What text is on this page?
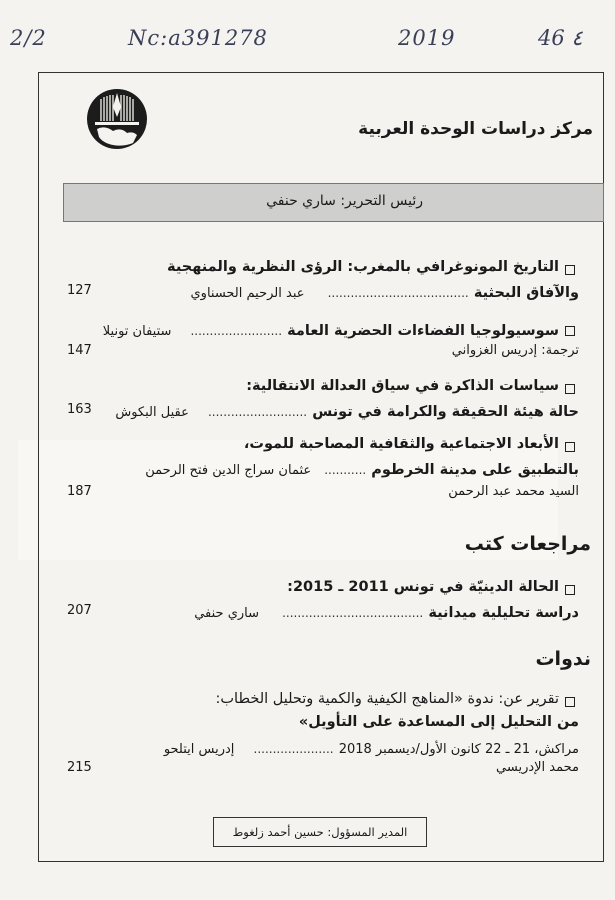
2/2	Nc:a391278	2019	46 ٤
مركز دراسات الوحدة العربية
رئيس التحرير: ساري حنفي
التاريخ المونوغرافي بالمغرب: الرؤى النظرية والمنهجية
والآفاق البحثية ..................................... عبد الرحيم الحسناوي
127
سوسيولوجيا الفضاءات الحضرية العامة ........................ ستيفان تونيلا
ترجمة: إدريس الغزواني
147
سياسات الذاكرة في سياق العدالة الانتقالية:
حالة هيئة الحقيقة والكرامة في تونس .......................... عقيل البكوش
163
الأبعاد الاجتماعية والثقافية المصاحبة للموت،
بالتطبيق على مدينة الخرطوم ........... عثمان سراج الدين فتح الرحمن
السيد محمد عبد الرحمن
187
مراجعات كتب
الحالة الدينيّة في تونس 2011 ـ 2015:
دراسة تحليلية ميدانية ..................................... ساري حنفي
207
ندوات
تقرير عن: ندوة «المناهج الكيفية والكمية وتحليل الخطاب:
من التحليل إلى المساعدة على التأويل»
مراكش، 21 ـ 22 كانون الأول/ديسمبر 2018 ..................... إدريس ايتلحو
محمد الإدريسي
215
المدير المسؤول: حسين أحمد زلغوط
